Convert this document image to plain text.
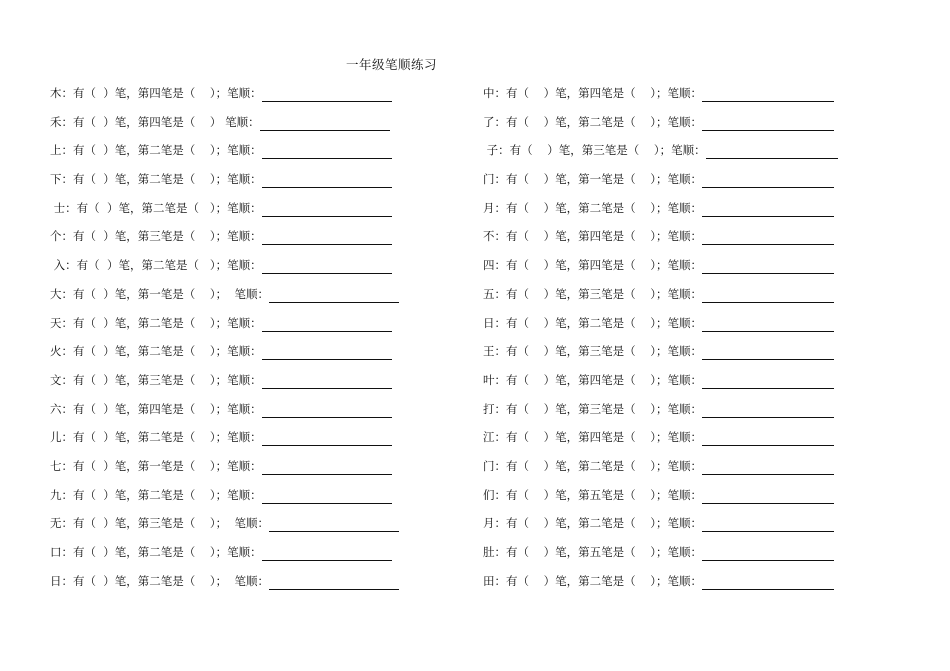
一年级笔顺练习
木：有（  ）笔，第四笔是（    ）；笔顺：
禾：有（  ）笔，第四笔是（    ） 笔顺：
上：有（  ）笔，第二笔是（    ）；笔顺：
下：有（  ）笔，第二笔是（    ）；笔顺：
士：有（  ）笔，第二笔是（   ）；笔顺：
个：有（  ）笔，第三笔是（    ）；笔顺：
入：有（  ）笔，第二笔是（   ）；笔顺：
大：有（  ）笔，第一笔是（    ）；  笔顺：
天：有（  ）笔，第二笔是（    ）；笔顺：
火：有（  ）笔，第二笔是（    ）；笔顺：
文：有（  ）笔，第三笔是（    ）；笔顺：
六：有（  ）笔，第四笔是（    ）；笔顺：
儿：有（  ）笔，第二笔是（    ）；笔顺：
七：有（  ）笔，第一笔是（    ）；笔顺：
九：有（  ）笔，第二笔是（    ）；笔顺：
无：有（  ）笔，第三笔是（    ）；  笔顺：
口：有（  ）笔，第二笔是（    ）；笔顺：
日：有（  ）笔，第二笔是（    ）；  笔顺：
中：有（    ）笔，第四笔是（    ）；笔顺：
了：有（    ）笔，第二笔是（    ）；笔顺：
子：有（    ）笔，第三笔是（    ）；笔顺：
门：有（    ）笔，第一笔是（    ）；笔顺：
月：有（    ）笔，第二笔是（    ）；笔顺：
不：有（    ）笔，第四笔是（    ）；笔顺：
四：有（    ）笔，第四笔是（    ）；笔顺：
五：有（    ）笔，第三笔是（    ）；笔顺：
日：有（    ）笔，第二笔是（    ）；笔顺：
王：有（    ）笔，第三笔是（    ）；笔顺：
叶：有（    ）笔，第四笔是（    ）；笔顺：
打：有（    ）笔，第三笔是（    ）；笔顺：
江：有（    ）笔，第四笔是（    ）；笔顺：
门：有（    ）笔，第二笔是（    ）；笔顺：
们：有（    ）笔，第五笔是（    ）；笔顺：
月：有（    ）笔，第二笔是（    ）；笔顺：
肚：有（    ）笔，第五笔是（    ）；笔顺：
田：有（    ）笔，第二笔是（    ）；笔顺：
